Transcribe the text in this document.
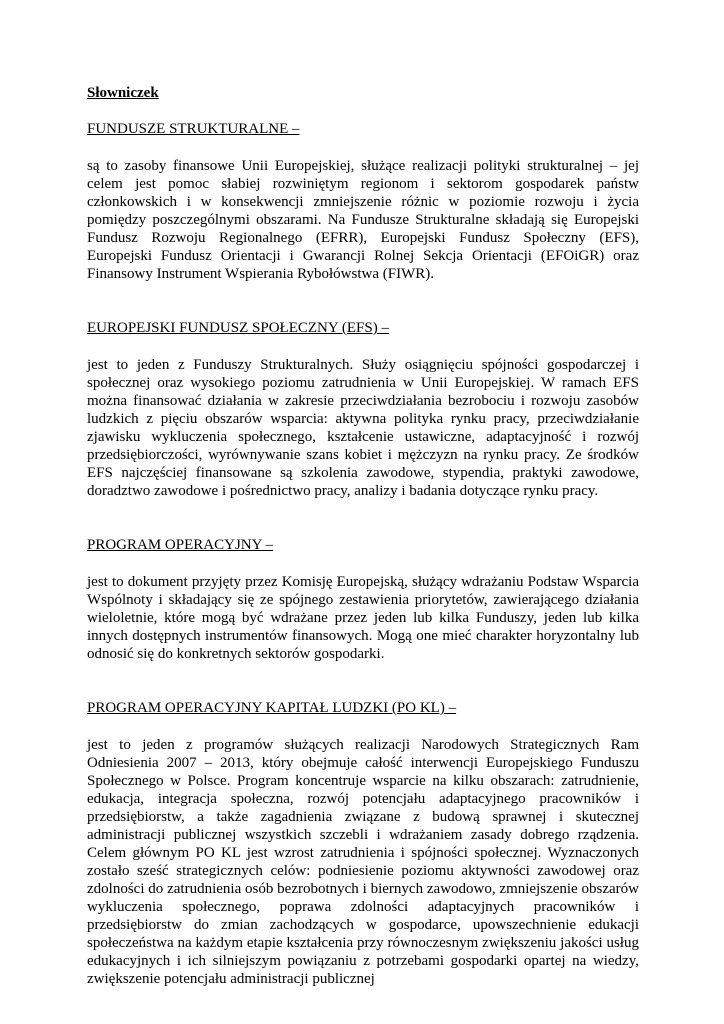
Słowniczek

FUNDUSZE STRUKTURALNE –

są to zasoby finansowe Unii Europejskiej, służące realizacji polityki strukturalnej – jej celem jest pomoc słabiej rozwiniętym regionom i sektorom gospodarek państw członkowskich i w konsekwencji zmniejszenie różnic w poziomie rozwoju i życia pomiędzy poszczególnymi obszarami. Na Fundusze Strukturalne składają się Europejski Fundusz Rozwoju Regionalnego (EFRR), Europejski Fundusz Społeczny (EFS), Europejski Fundusz Orientacji i Gwarancji Rolnej Sekcja Orientacji (EFOiGR) oraz Finansowy Instrument Wspierania Rybołówstwa (FIWR).

EUROPEJSKI FUNDUSZ SPOŁECZNY (EFS) –

jest to jeden z Funduszy Strukturalnych. Służy osiągnięciu spójności gospodarczej i społecznej oraz wysokiego poziomu zatrudnienia w Unii Europejskiej. W ramach EFS można finansować działania w zakresie przeciwdziałania bezrobociu i rozwoju zasobów ludzkich z pięciu obszarów wsparcia: aktywna polityka rynku pracy, przeciwdziałanie zjawisku wykluczenia społecznego, kształcenie ustawiczne, adaptacyjność i rozwój przedsiębiorczości, wyrównywanie szans kobiet i mężczyzn na rynku pracy. Ze środków EFS najczęściej finansowane są szkolenia zawodowe, stypendia, praktyki zawodowe, doradztwo zawodowe i pośrednictwo pracy, analizy i badania dotyczące rynku pracy.

PROGRAM OPERACYJNY –

jest to dokument przyjęty przez Komisję Europejską, służący wdrażaniu Podstaw Wsparcia Wspólnoty i składający się ze spójnego zestawienia priorytetów, zawierającego działania wieloletnie, które mogą być wdrażane przez jeden lub kilka Funduszy, jeden lub kilka innych dostępnych instrumentów finansowych. Mogą one mieć charakter horyzontalny lub odnosić się do konkretnych sektorów gospodarki.

PROGRAM OPERACYJNY KAPITAŁ LUDZKI (PO KL) –

jest to jeden z programów służących realizacji Narodowych Strategicznych Ram Odniesienia 2007 – 2013, który obejmuje całość interwencji Europejskiego Funduszu Społecznego w Polsce. Program koncentruje wsparcie na kilku obszarach: zatrudnienie, edukacja, integracja społeczna, rozwój potencjału adaptacyjnego pracowników i przedsiębiorstw, a także zagadnienia związane z budową sprawnej i skutecznej administracji publicznej wszystkich szczebli i wdrażaniem zasady dobrego rządzenia. Celem głównym PO KL jest wzrost zatrudnienia i spójności społecznej. Wyznaczonych zostało sześć strategicznych celów: podniesienie poziomu aktywności zawodowej oraz zdolności do zatrudnienia osób bezrobotnych i biernych zawodowo, zmniejszenie obszarów wykluczenia społecznego, poprawa zdolności adaptacyjnych pracowników i przedsiębiorstw do zmian zachodzących w gospodarce, upowszechnienie edukacji społeczeństwa na każdym etapie kształcenia przy równoczesnym zwiększeniu jakości usług edukacyjnych i ich silniejszym powiązaniu z potrzebami gospodarki opartej na wiedzy, zwiększenie potencjału administracji publicznej
